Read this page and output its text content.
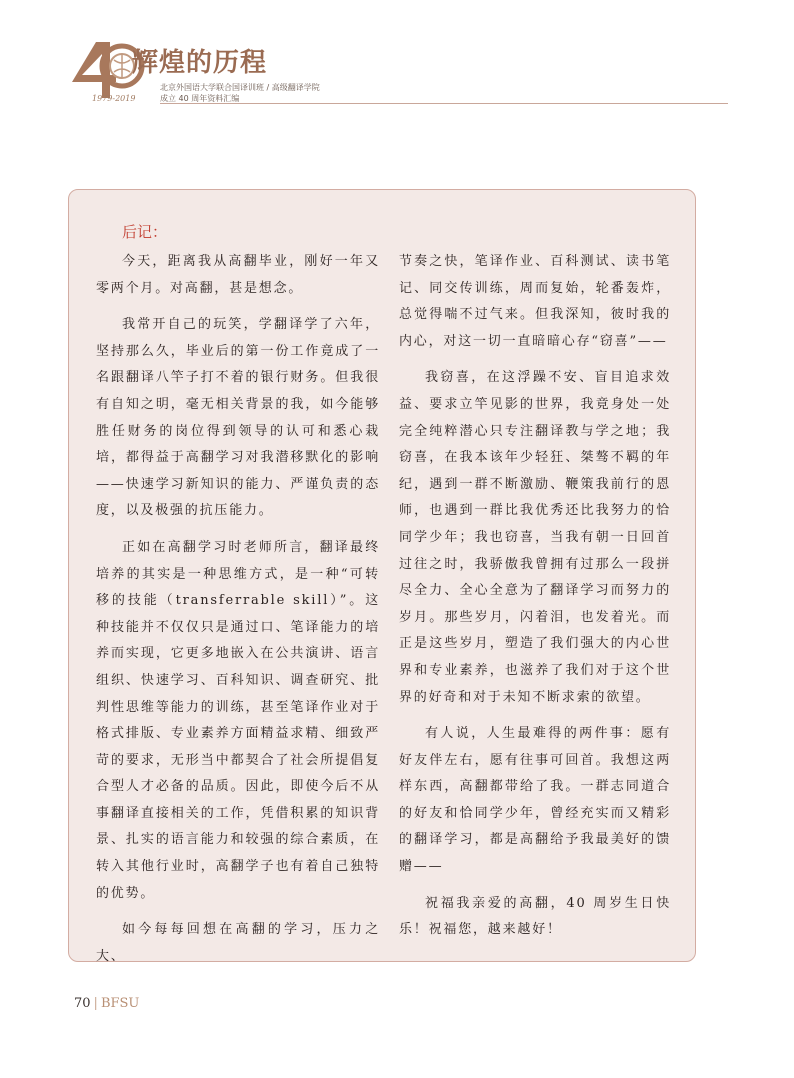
辉煌的历程
北京外国语大学联合国译训班 / 高级翻译学院
成立 40 周年资料汇编
1979-2019
后记：

今天，距离我从高翻毕业，刚好一年又零两个月。对高翻，甚是想念。

我常开自己的玩笑，学翻译学了六年，坚持那么久，毕业后的第一份工作竟成了一名跟翻译八竿子打不着的银行财务。但我很有自知之明，毫无相关背景的我，如今能够胜任财务的岗位得到领导的认可和悉心栽培，都得益于高翻学习对我潜移默化的影响——快速学习新知识的能力、严谨负责的态度，以及极强的抗压能力。

正如在高翻学习时老师所言，翻译最终培养的其实是一种思维方式，是一种“可转移的技能（transferrable skill）”。这种技能并不仅仅只是通过口、笔译能力的培养而实现，它更多地嵌入在公共演讲、语言组织、快速学习、百科知识、调查研究、批判性思维等能力的训练，甚至笔译作业对于格式排版、专业素养方面精益求精、细致严苛的要求，无形当中都契合了社会所提倡复合型人才必备的品质。因此，即使今后不从事翻译直接相关的工作，凭借积累的知识背景、扎实的语言能力和较强的综合素质，在转入其他行业时，高翻学子也有着自己独特的优势。

如今每每回想在高翻的学习，压力之大、

节奏之快，笔译作业、百科测试、读书笔记、同交传训练，周而复始，轮番轰炸，总觉得喘不过气来。但我深知，彼时我的内心，对这一切一直暗暗心存“窃喜”——

我窃喜，在这浮躁不安、盲目追求效益、要求立竿见影的世界，我竟身处一处完全纯粹潜心只专注翻译教与学之地；我窃喜，在我本该年少轻狂、桀骜不羁的年纪，遇到一群不断激励、鞭策我前行的恩师，也遇到一群比我优秀还比我努力的恰同学少年；我也窃喜，当我有朝一日回首过往之时，我骄傲我曾拥有过那么一段拼尽全力、全心全意为了翻译学习而努力的岁月。那些岁月，闪着泪，也发着光。而正是这些岁月，塑造了我们强大的内心世界和专业素养，也滋养了我们对于这个世界的好奇和对于未知不断求索的欲望。

有人说，人生最难得的两件事：愿有好友伴左右，愿有往事可回首。我想这两样东西，高翻都带给了我。一群志同道合的好友和恰同学少年，曾经充实而又精彩的翻译学习，都是高翻给予我最美好的馈赠——

祝福我亲爱的高翻，40 周岁生日快乐！祝福您，越来越好！

70 | BFSU
